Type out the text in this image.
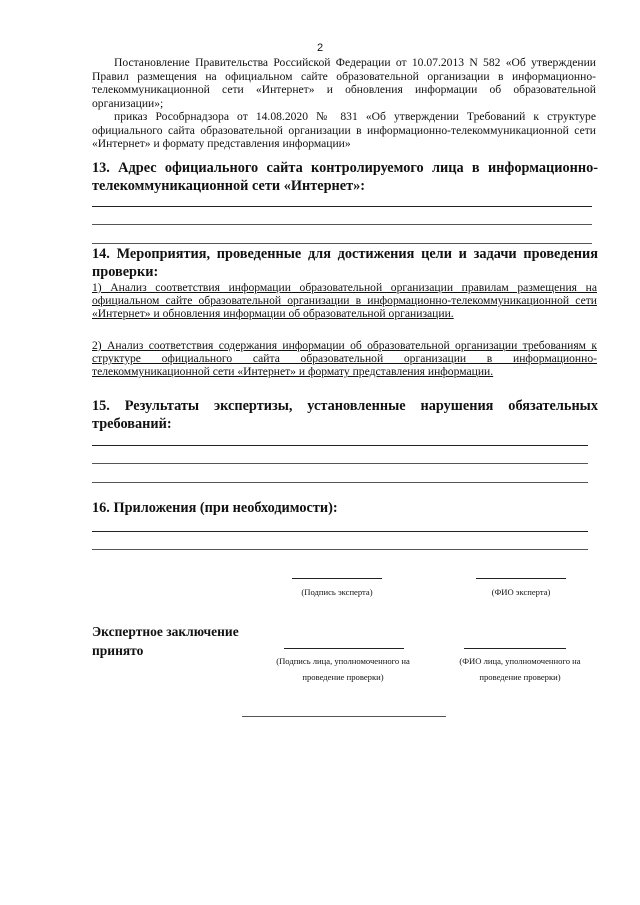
2

Постановление Правительства Российской Федерации от 10.07.2013 N 582 «Об утверждении Правил размещения на официальном сайте образовательной организации в информационно-телекоммуникационной сети «Интернет» и обновления информации об образовательной организации»;

приказ Рособрнадзора от 14.08.2020 № 831 «Об утверждении Требований к структуре официального сайта образовательной организации в информационно-телекоммуникационной сети «Интернет» и формату представления информации»

13. Адрес официального сайта контролируемого лица в информационно-телекоммуникационной сети «Интернет»:

14. Мероприятия, проведенные для достижения цели и задачи проведения проверки:

1) Анализ соответствия информации образовательной организации правилам размещения на официальном сайте образовательной организации в информационно-телекоммуникационной сети «Интернет» и обновления информации об образовательной организации.

2) Анализ соответствия содержания информации об образовательной организации требованиям к структуре официального сайта образовательной организации в информационно-телекоммуникационной сети «Интернет» и формату представления информации.

15. Результаты экспертизы, установленные нарушения обязательных требований:

16. Приложения (при необходимости):

(Подпись эксперта)	(ФИО эксперта)

Экспертное заключение принято

(Подпись лица, уполномоченного на проведение проверки)
(ФИО лица, уполномоченного на проведение проверки)
